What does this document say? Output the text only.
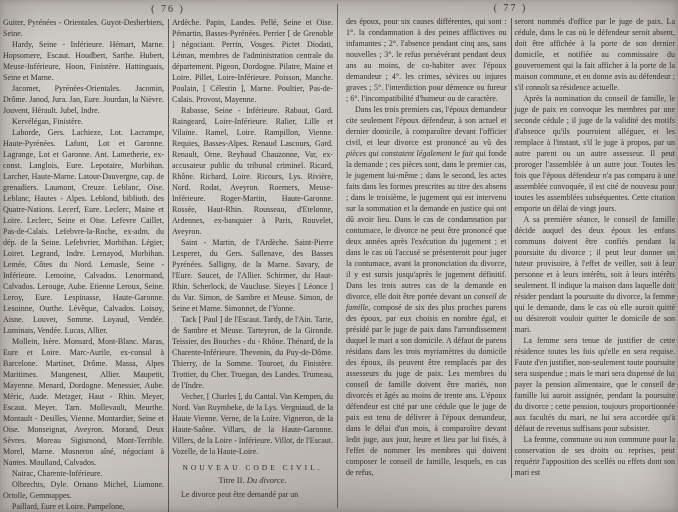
( 76 )

Guiter, Pyrénées - Orientales. Guyot-Desherbiers, Seine.

Hardy, Seine - Inférieure. Hémart, Marne. Hopsomere, Escaut. Houdbert, Sarthe. Hubert, Meuse-Inférieure, Hoon, Finistère. Hattinguais, Seine et Marne.

Jacomet, Pyrénées-Orientales. Jacomin, Drôme. Janod, Jura. Jan, Eure. Jourdan, la Nièvre. Jouvent, Hérault. Jubel, Indre.

Kervélégan, Finistère.

Laborde, Gers. Lachieze, Lot. Lacrampe, Haute-Pyrénées. Lafont, Lot et Garonne. Lagrange, Lot et Garonne. Ant. Lametherie, ex-const. Langlois, Eure. Lepotaire, Morbihan. Larcher, Haute-Marne. Latour-Dauvergne, cap. de grenadiers. Laumont, Creuze. Leblanc, Oise. Leblanc, Hautes - Alpes. Leblond, biblioth. des Quatre-Nations. Lecerf, Eure. Leclerc, Maine et Loire. Leclerc, Seine et Oise. Lefevre Caillet, Pas-de-Calais. Lefebvre-la-Roche, ex-adm. du dép. de la Seine. Lefebvrier, Morbihan. Légier, Loiret. Legrand, Indre. Lemayod, Morbihan. Lemée, Côtes du Nord. Lemasle, Seine - Inférieure. Lemoine, Calvados. Lenormand, Calvados. Lerouge, Aube. Etienne Leroux, Seine. Leroy, Eure. Lespinasse, Haute-Garonne. Lesoinne, Ourthe. Lévêque, Calvados. Loisoy, Aisne. Louvet, Somme. Loyaud, Vendée. Luminais, Vendée. Lucas, Allier.

Mollein, Isère. Monsard, Mont-Blanc. Maras, Eure et Loire. Marc-Aurile, ex-consul à Barcelone. Martinet, Drôme. Massa, Alpes Maritimes. Mangenest, Allier. Maupetit, Mayenne. Menard, Dordogne. Menessier, Aube. Méric, Aude. Metzger, Haut - Rhin. Meyer, Escaut. Meyer, Tarn. Mollevault, Meurthe. Montault - Desilles, Vienne. Montardier, Seine et Oise. Monseignat, Aveyron. Morand, Deux Sèvres. Moreau Sigismond, Mont-Terrible. Morel, Marne. Mosneron aîné, négociant à Nantes. Moulland, Calvados.

Nairac, Charente-Inférieure.

Olbrechts, Dyle. Ornano Michel, Liamone. Ortolle, Gemmappes.

Paillard, Eure et Loire. Pampelone,

Ardèche. Papin, Landes. Pellé, Seine et Oise. Pémartin, Basses-Pyrénées. Perrier [ de Grenoble ] négociant. Perrin, Vosges. Pictet Diodati, Léman, membres de l'administration centrale du département. Pigeon, Dordogne. Pilatre, Maine et Loire. Pillet, Loire-Inférieure. Poisson, Manche. Poulain, [ Célestin ], Marne. Poultier, Pas-de-Calais. Provost, Mayenne.

Rabasse, Seine - Inférieure. Rabaut, Gard. Raingeard, Loire-Inférieure. Ralier, Lille et Vilaine. Ramel, Loire. Rampillon, Vienne. Requies, Basses-Alpes. Renaud Lascours, Gard. Renault, Orne. Reybaud Chauzonne, Var, ex-accusateur public du tribunal criminel. Ricard, Rhône. Richard, Loire. Ricours, Lys. Rivière, Nord. Rodat, Aveyron. Roemers, Meuse-Inférieure. Roger-Martin, Haute-Garonne. Rossée, Haut-Rhin. Rousseau, d'Etelonne, Ardennes, ex-banquier à Paris, Rouvelet, Aveyron.

Saint - Martin, de l'Ardèche. Saint-Pierre Lesperet, du Gers. Sallenave, des Basses Pyrénées. Salligny, de la Marne. Savary, de l'Eure. Saucet, de l'Allier. Schirmer, du Haut-Rhin. Scherlock, de Vaucluse. Sieyes [ Léonce ] du Var. Simon, de Sambre et Meuse. Simon, de Seine et Marne. Simonnet, de l'Yonne.

Tack [ Paul ] de l'Escaut. Tardy, de l'Ain. Tarte, de Sambre et Meuse. Tarteyron, de la Gironde. Teissier, des Bouches - du - Rhône. Thénard, de la Charente-Inférieure. Thevenin, du Puy-de-Dôme. Thierry, de la Somme. Touroet, du Finistère. Trottier, du Cher. Truegan, des Landes. Trumeau, de l'Indre.

Vecher, [ Charles ], du Cantal. Van Kempen, du Nord. Van Ruymbeke, de la Lys. Vergniaud, de la Haute Vienne. Verne, de la Loire. Vigneron, de la Haute-Saône. Villars, de la Haute-Garonne. Villers, de la Loire - Inférieure. Villot, de l'Escaut. Vozelle, de la Haute-Loire.

NOUVEAU CODE CIVIL.
Titre II. Du divorce.

Le divorce peut être demandé par un

( 77 )

des époux, pour six causes différentes, qui sont : 1°. la condamnation à des peines afflictives ou infamantes ; 2°. l'absence pendant cinq ans, sans nouvelles ; 3°. le refus persévérant pendant deux ans au moins, de co-habiter avec l'époux demandeur ; 4°. les crimes, sévices ou injures graves ; 5°. l'interdiction pour démence ou fureur ; 6°. l'incompatibilité d'humeur ou de caractère.

Dans les trois premiers cas, l'époux demandeur cite seulement l'époux défendeur, à son actuel et dernier domicile, à comparoître devant l'officier civil, et leur divorce est prononcé au vû des pièces qui constatent légalement le fait qui fonde la demande ; ces pièces sont, dans le premier cas, le jugement lui-même ; dans le second, les actes faits dans les formes prescrites au titre des absens ; dans le troisième, le jugement qui est intervenu sur la sommation et la demande en justice qui ont dû avoir lieu. Dans le cas de condamnation par contumace, le divorce ne peut être prononcé que deux années après l'exécution du jugement ; et dans le cas où l'accusé se présenteroit pour juger la contumace, avant la prononciation du divorce, il y est sursis jusqu'après le jugement définitif. Dans les trois autres cas de la demande en divorce, elle doit être portée devant un conseil de famille, composé de six des plus proches parens des époux, par eux choisis en nombre égal, et présidé par le juge de paix dans l'arrondissement duquel le mari a son domicile. A défaut de parens résidans dans les trois myriamètres du domicile des époux, ils peuvent être remplacés par des assesseurs du juge de paix. Les membres du conseil de famille doivent être mariés, non divorcés et âgés au moins de trente ans. L'époux défendeur est cité par une cédule que le juge de paix est tenu de délivrer à l'époux demandeur, dans le délai d'un mois, à comparoître devant ledit juge, aux jour, heure et lieu par lui fixés, à l'effet de nommer les membres qui doivent composer le conseil de famille, lesquels, en cas de refus,

seront nommés d'office par le juge de paix. La cédule, dans le cas où le défendeur seroit absent, doit être affichée à la porte de son dernier domicile, et notifiée au commissaire du gouvernement qui la fait afficher à la porte de la maison commune, et en donne avis au défendeur ; s'il connoît sa résidence actuelle.

Après la nomination du conseil de famille, le juge de paix en convoque les membres par une seconde cédule ; il juge de la validité des motifs d'absence qu'ils pourroient alléguer, et les remplace à l'instant, s'il le juge à propos, par un autre parent ou un autre assesseur. Il peut proroger l'assemblée à un autre jour. Toutes les fois que l'époux défendeur n'a pas comparu à une assemblée convoquée, il est cité de nouveau pour toutes les assemblées subséquentes. Cette citation emporte un délai de vingt jours.

A sa première séance, le conseil de famille décide auquel des deux époux les enfans communs doivent être confiés pendant la poursuite du divorce ; il peut leur donner un tuteur provisoire, à l'effet de veiller, soit à leur personne et à leurs intérêts, soit à leurs intérêts seulement. Il indique la maison dans laquelle doit résider pendant la poursuite du divorce, la femme qui le demande, dans le cas où elle auroit quitté ou désireroit vouloir quitter le domicile de son mari.

La femme sera tenue de justifier de cette résidence toutes les fois qu'elle en sera requise. Faute d'en justifier, non-seulement toute poursuite sera suspendue ; mais le mari sera dispensé de lui payer la pension alimentaire, que le conseil de famille lui auroit assignée, pendant la poursuite du divorce ; cette pension, toujours proportionnée aux facultés du mari, ne lui sera accordée qu'à défaut de revenus suffisans pour subsister.

La femme, commune ou non commune pour la conservation de ses droits ou reprises, peut requérir l'apposition des scellés ou effets dont son mari est
